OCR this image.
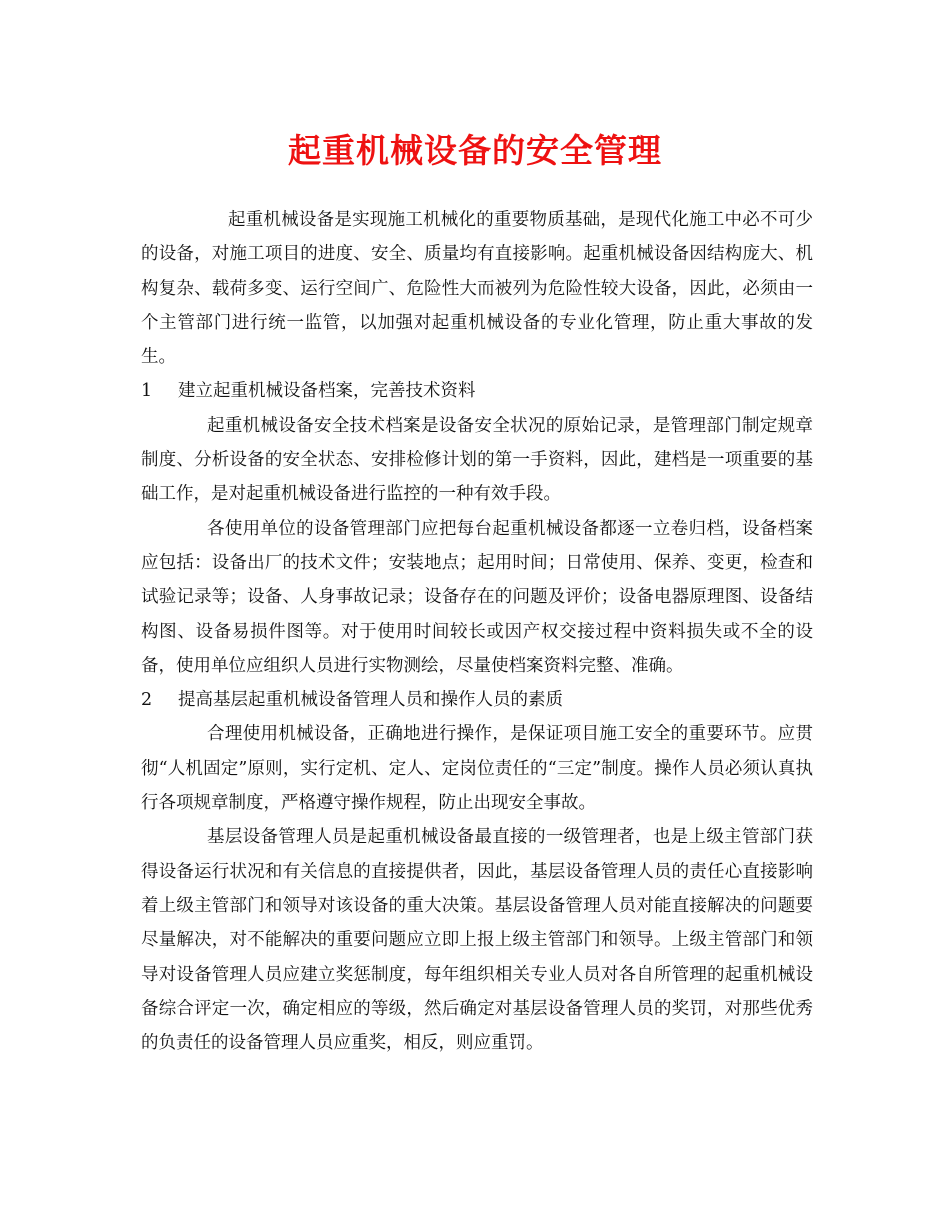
起重机械设备的安全管理

起重机械设备是实现施工机械化的重要物质基础，是现代化施工中必不可少的设备，对施工项目的进度、安全、质量均有直接影响。起重机械设备因结构庞大、机构复杂、载荷多变、运行空间广、危险性大而被列为危险性较大设备，因此，必须由一个主管部门进行统一监管，以加强对起重机械设备的专业化管理，防止重大事故的发生。

1	建立起重机械设备档案，完善技术资料

起重机械设备安全技术档案是设备安全状况的原始记录，是管理部门制定规章制度、分析设备的安全状态、安排检修计划的第一手资料，因此，建档是一项重要的基础工作，是对起重机械设备进行监控的一种有效手段。

各使用单位的设备管理部门应把每台起重机械设备都逐一立卷归档，设备档案应包括：设备出厂的技术文件；安装地点；起用时间；日常使用、保养、变更，检查和试验记录等；设备、人身事故记录；设备存在的问题及评价；设备电器原理图、设备结构图、设备易损件图等。对于使用时间较长或因产权交接过程中资料损失或不全的设备，使用单位应组织人员进行实物测绘，尽量使档案资料完整、准确。

2	提高基层起重机械设备管理人员和操作人员的素质

合理使用机械设备，正确地进行操作，是保证项目施工安全的重要环节。应贯彻“人机固定”原则，实行定机、定人、定岗位责任的“三定”制度。操作人员必须认真执行各项规章制度，严格遵守操作规程，防止出现安全事故。

基层设备管理人员是起重机械设备最直接的一级管理者，也是上级主管部门获得设备运行状况和有关信息的直接提供者，因此，基层设备管理人员的责任心直接影响着上级主管部门和领导对该设备的重大决策。基层设备管理人员对能直接解决的问题要尽量解决，对不能解决的重要问题应立即上报上级主管部门和领导。上级主管部门和领导对设备管理人员应建立奖惩制度，每年组织相关专业人员对各自所管理的起重机械设备综合评定一次，确定相应的等级，然后确定对基层设备管理人员的奖罚，对那些优秀的负责任的设备管理人员应重奖，相反，则应重罚。
